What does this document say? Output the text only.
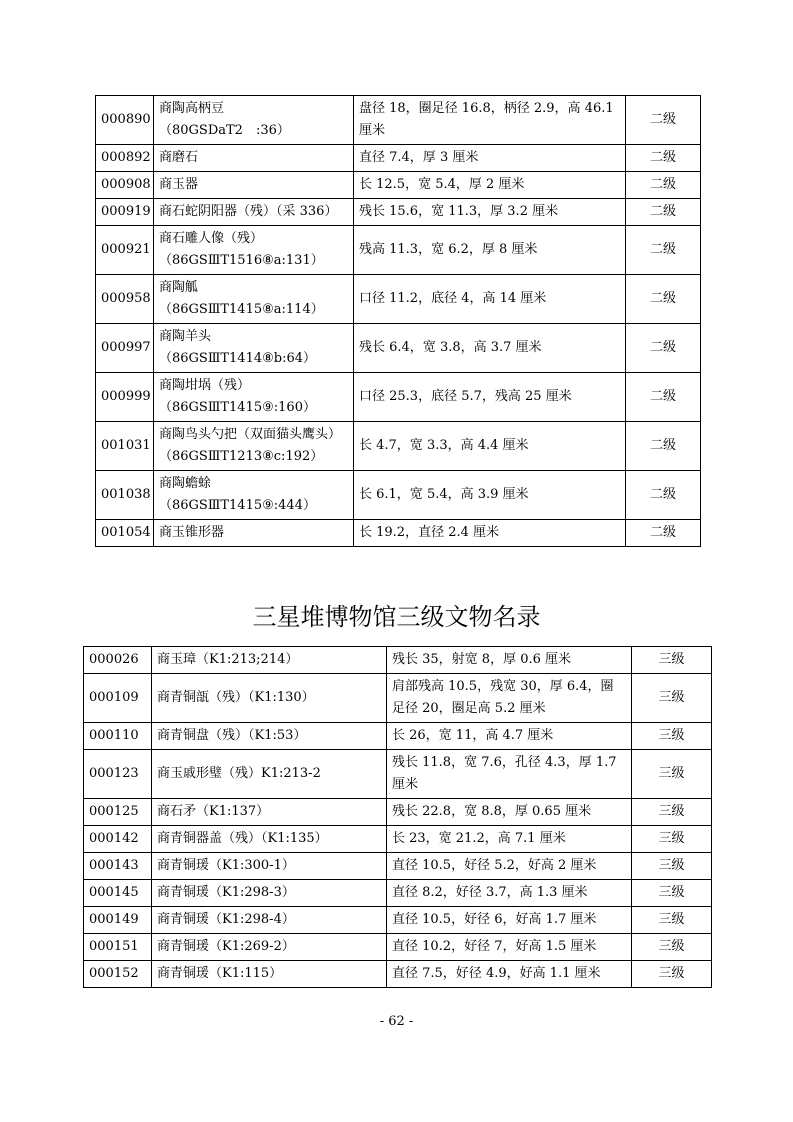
000890	商陶高柄豆（80GSDaT2　:36）	盘径 18，圈足径 16.8，柄径 2.9，高 46.1 厘米	二级
000892	商磨石	直径 7.4，厚 3 厘米	二级
000908	商玉器	长 12.5，宽 5.4，厚 2 厘米	二级
000919	商石蛇阴阳器（残）（采 336）	残长 15.6，宽 11.3，厚 3.2 厘米	二级
000921	商石雕人像（残）（86GSⅢT1516⑧a:131）	残高 11.3，宽 6.2，厚 8 厘米	二级
000958	商陶觚（86GSⅢT1415⑧a:114）	口径 11.2，底径 4，高 14 厘米	二级
000997	商陶羊头（86GSⅢT1414⑧b:64）	残长 6.4，宽 3.8，高 3.7 厘米	二级
000999	商陶坩埚（残）（86GSⅢT1415⑨:160）	口径 25.3，底径 5.7，残高 25 厘米	二级
001031	商陶鸟头勺把（双面猫头鹰头）（86GSⅢT1213⑧c:192）	长 4.7，宽 3.3，高 4.4 厘米	二级
001038	商陶蟾蜍（86GSⅢT1415⑨:444）	长 6.1，宽 5.4，高 3.9 厘米	二级
001054	商玉锥形器	长 19.2，直径 2.4 厘米	二级
三星堆博物馆三级文物名录
000026	商玉璋（K1:213;214）	残长 35，射宽 8，厚 0.6 厘米	三级
000109	商青铜瓿（残）（K1:130）	肩部残高 10.5，残宽 30，厚 6.4，圈足径 20，圈足高 5.2 厘米	三级
000110	商青铜盘（残）（K1:53）	长 26，宽 11，高 4.7 厘米	三级
000123	商玉戚形璧（残）K1:213-2	残长 11.8，宽 7.6，孔径 4.3，厚 1.7 厘米	三级
000125	商石矛（K1:137）	残长 22.8，宽 8.8，厚 0.65 厘米	三级
000142	商青铜器盖（残）（K1:135）	长 23，宽 21.2，高 7.1 厘米	三级
000143	商青铜瑗（K1:300-1）	直径 10.5，好径 5.2，好高 2 厘米	三级
000145	商青铜瑗（K1:298-3）	直径 8.2，好径 3.7，高 1.3 厘米	三级
000149	商青铜瑗（K1:298-4）	直径 10.5，好径 6，好高 1.7 厘米	三级
000151	商青铜瑗（K1:269-2）	直径 10.2，好径 7，好高 1.5 厘米	三级
000152	商青铜瑗（K1:115）	直径 7.5，好径 4.9，好高 1.1 厘米	三级
- 62 -
